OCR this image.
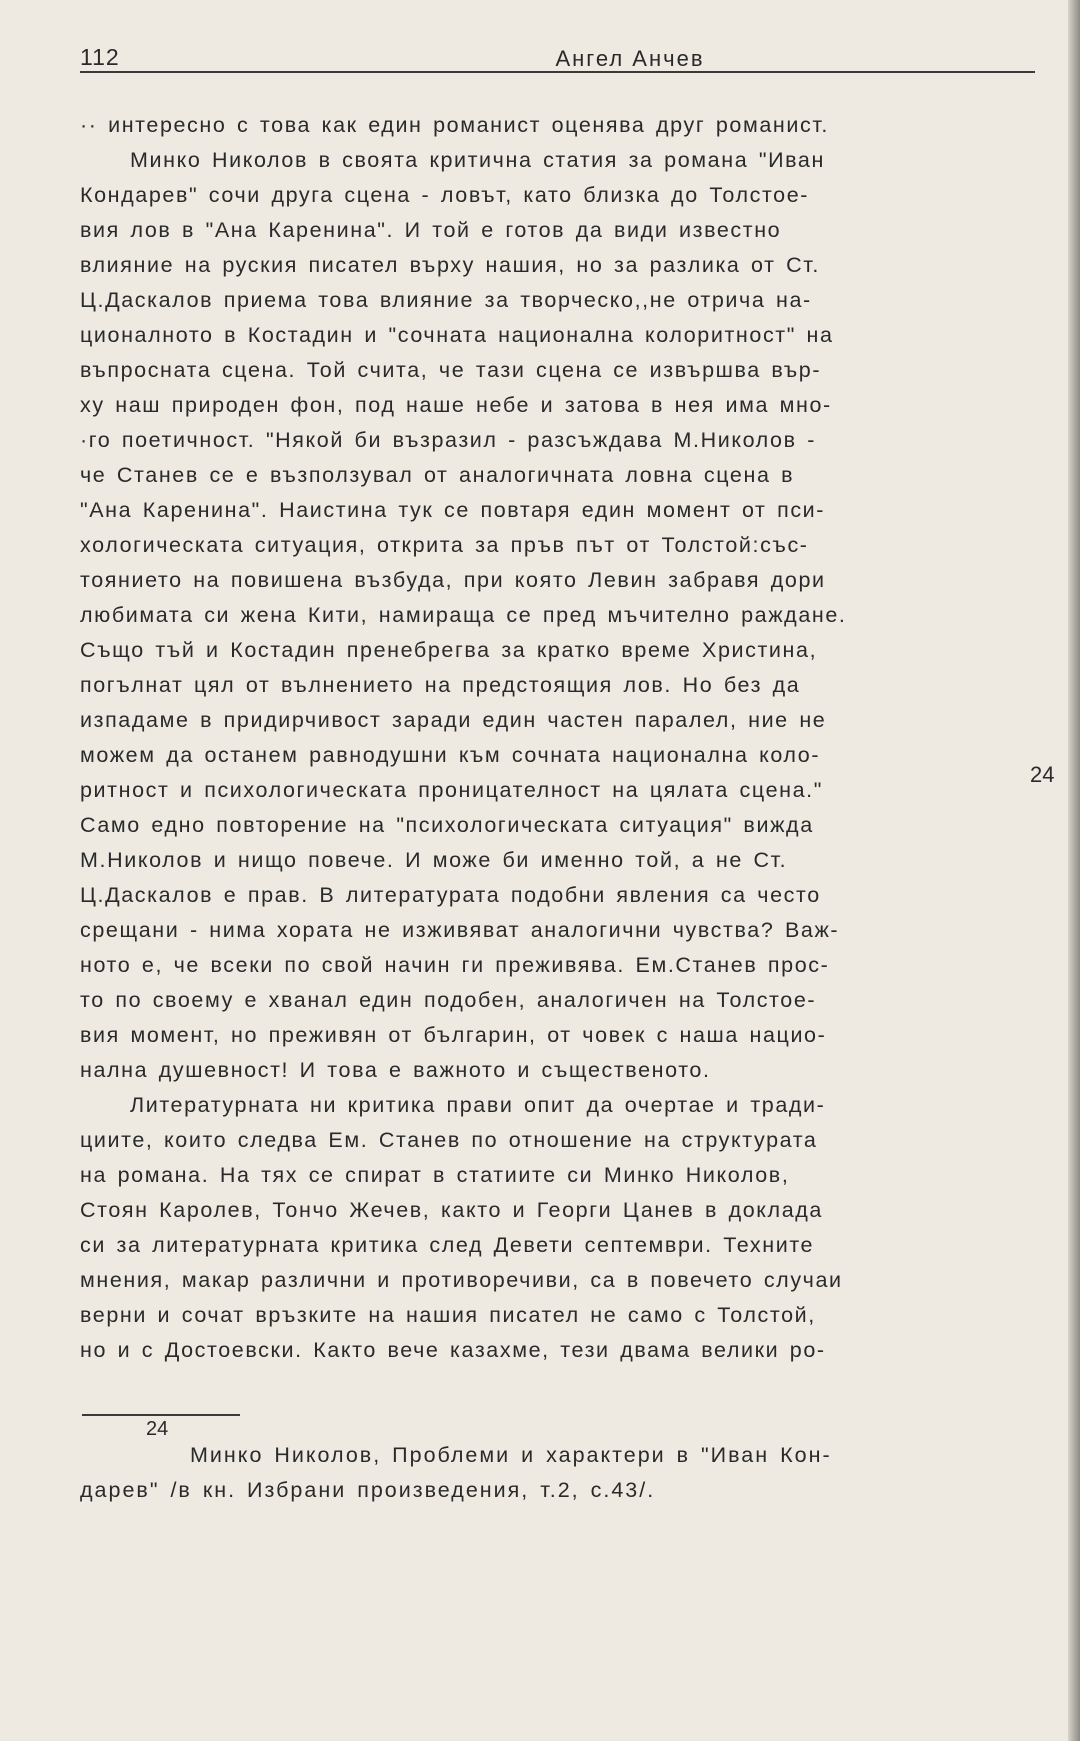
112	Ангел Анчев
·· интересно с това как един романист оценява друг романист.
Минко Николов в своята критична статия за романа "Иван
Кондарев" сочи друга сцена - ловът, като близка до Толстое-
вия лов в "Ана Каренина". И той е готов да види известно
влияние на руския писател върху нашия, но за разлика от Ст.
Ц.Даскалов приема това влияние за творческо,,не отрича на-
ционалното в Костадин и "сочната национална колоритност" на
въпросната сцена. Той счита, че тази сцена се извършва вър-
ху наш природен фон, под наше небе и затова в нея има мно-
·го поетичност. "Някой би възразил - разсъждава М.Николов -
че Станев се е възползувал от аналогичната ловна сцена в
"Ана Каренина". Наистина тук се повтаря един момент от пси-
хологическата ситуация, открита за пръв път от Толстой:със-
тоянието на повишена възбуда, при която Левин забравя дори
любимата си жена Кити, намираща се пред мъчително раждане.
Също тъй и Костадин пренебрегва за кратко време Христина,
погълнат цял от вълнението на предстоящия лов. Но без да
изпадаме в придирчивост заради един частен паралел, ние не
можем да останем равнодушни към сочната национална коло-
ритност и психологическата проницателност на цялата сцена."
Само едно повторение на "психологическата ситуация" вижда
М.Николов и нищо повече. И може би именно той, а не Ст.
Ц.Даскалов е прав. В литературата подобни явления са често
срещани - нима хората не изживяват аналогични чувства? Важ-
ното е, че всеки по свой начин ги преживява. Ем.Станев прос-
то по своему е хванал един подобен, аналогичен на Толстое-
вия момент, но преживян от българин, от човек с наша нацио-
нална душевност! И това е важното и същественото.
Литературната ни критика прави опит да очертае и тради-
циите, които следва Ем. Станев по отношение на структурата
на романа. На тях се спират в статиите си Минко Николов,
Стоян Каролев, Тончо Жечев, както и Георги Цанев в доклада
си за литературната критика след Девети септември. Техните
мнения, макар различни и противоречиви, са в повечето случаи
верни и сочат връзките на нашия писател не само с Толстой,
но и с Достоевски. Както вече казахме, тези двама велики ро-
24
24
Минко Николов, Проблеми и характери в "Иван Кон-
дарев" /в кн. Избрани произведения, т.2, с.43/.
